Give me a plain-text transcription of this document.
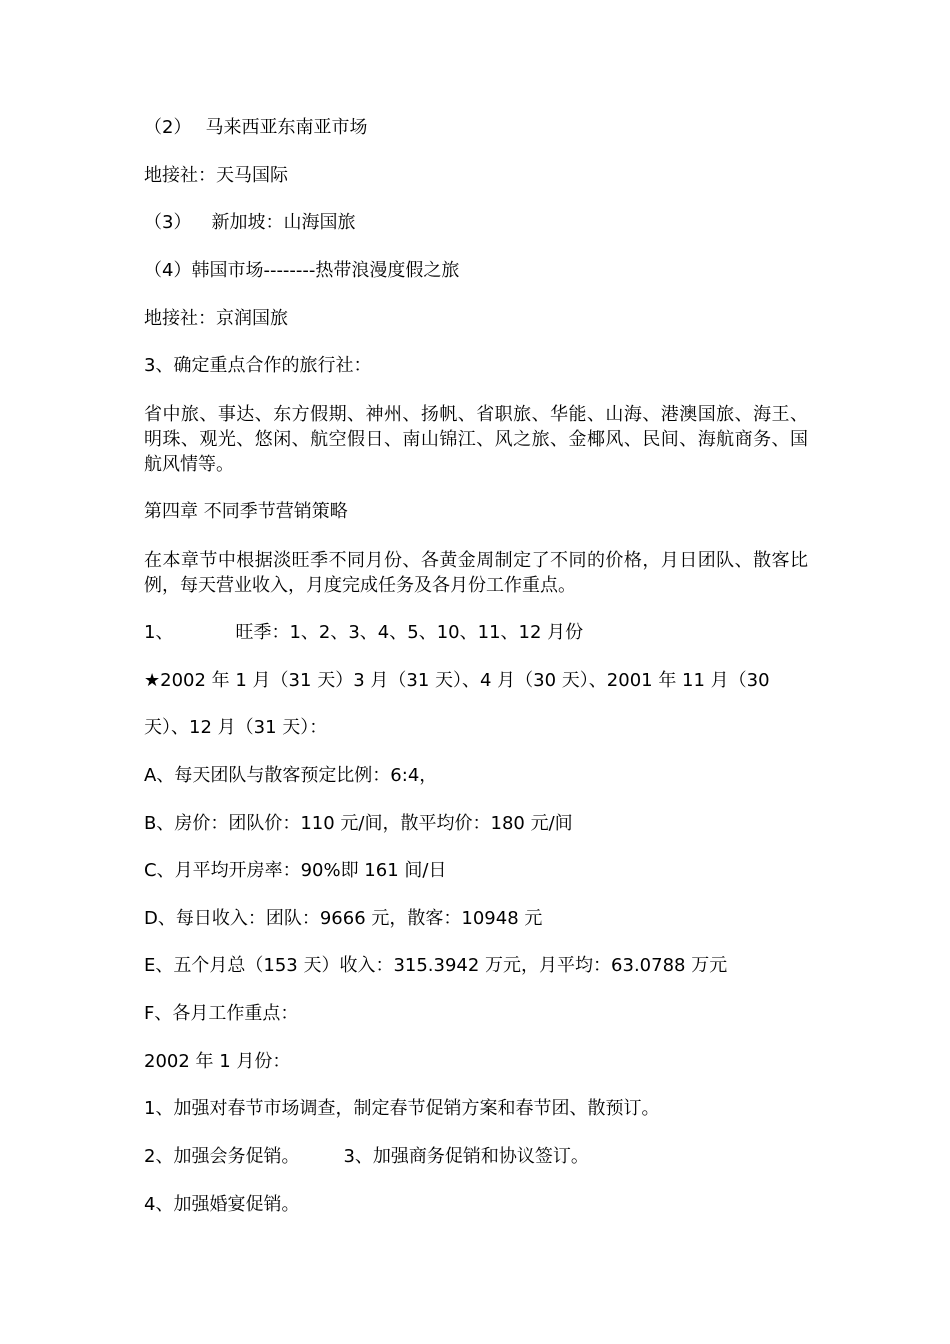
（2） 马来西亚东南亚市场
地接社：天马国际
（3） 新加坡：山海国旅
（4）韩国市场--------热带浪漫度假之旅
地接社：京润国旅
3、确定重点合作的旅行社：
省中旅、事达、东方假期、神州、扬帆、省职旅、华能、山海、港澳国旅、海王、明珠、观光、悠闲、航空假日、南山锦江、风之旅、金椰风、民间、海航商务、国航风情等。
第四章 不同季节营销策略
在本章节中根据淡旺季不同月份、各黄金周制定了不同的价格，月日团队、散客比例，每天营业收入，月度完成任务及各月份工作重点。
1、	旺季：1、2、3、4、5、10、11、12 月份
★2002 年 1 月（31 天）3 月（31 天）、4 月（30 天）、2001 年 11 月（30
天）、12 月（31 天）：
A、每天团队与散客预定比例：6:4，
B、房价：团队价：110 元/间，散平均价：180 元/间
C、月平均开房率：90%即 161 间/日
D、每日收入：团队：9666 元，散客：10948 元
E、五个月总（153 天）收入：315.3942 万元，月平均：63.0788 万元
F、各月工作重点：
2002 年 1 月份：
1、加强对春节市场调查，制定春节促销方案和春节团、散预订。
2、加强会务促销。 3、加强商务促销和协议签订。
4、加强婚宴促销。
